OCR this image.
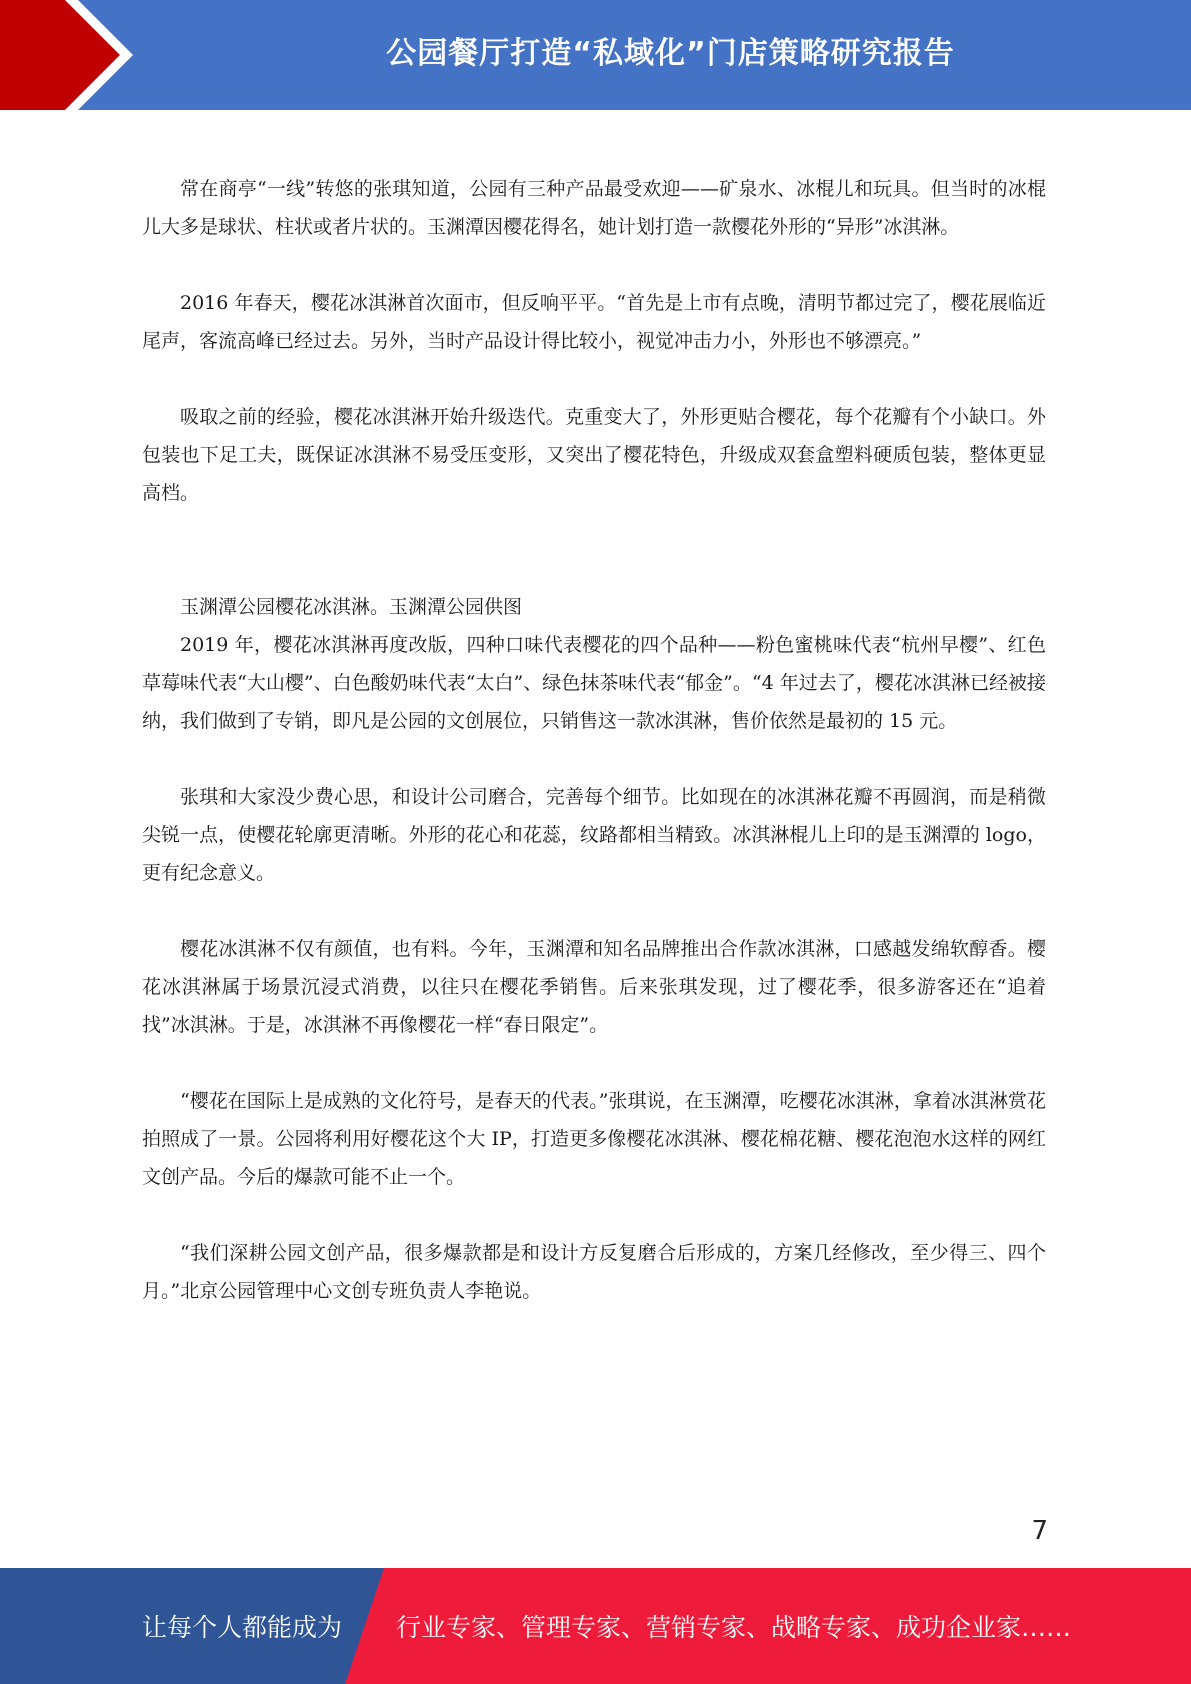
公园餐厅打造“私域化”门店策略研究报告

常在商亭“一线”转悠的张琪知道，公园有三种产品最受欢迎——矿泉水、冰棍儿和玩具。但当时的冰棍儿大多是球状、柱状或者片状的。玉渊潭因樱花得名，她计划打造一款樱花外形的“异形”冰淇淋。

2016 年春天，樱花冰淇淋首次面市，但反响平平。“首先是上市有点晚，清明节都过完了，樱花展临近尾声，客流高峰已经过去。另外，当时产品设计得比较小，视觉冲击力小，外形也不够漂亮。”

吸取之前的经验，樱花冰淇淋开始升级迭代。克重变大了，外形更贴合樱花，每个花瓣有个小缺口。外包装也下足工夫，既保证冰淇淋不易受压变形，又突出了樱花特色，升级成双套盒塑料硬质包装，整体更显高档。

玉渊潭公园樱花冰淇淋。玉渊潭公园供图

2019 年，樱花冰淇淋再度改版，四种口味代表樱花的四个品种——粉色蜜桃味代表“杭州早樱”、红色草莓味代表“大山樱”、白色酸奶味代表“太白”、绿色抹茶味代表“郁金”。“4 年过去了，樱花冰淇淋已经被接纳，我们做到了专销，即凡是公园的文创展位，只销售这一款冰淇淋，售价依然是最初的 15 元。

张琪和大家没少费心思，和设计公司磨合，完善每个细节。比如现在的冰淇淋花瓣不再圆润，而是稍微尖锐一点，使樱花轮廓更清晰。外形的花心和花蕊，纹路都相当精致。冰淇淋棍儿上印的是玉渊潭的 logo，更有纪念意义。

樱花冰淇淋不仅有颜值，也有料。今年，玉渊潭和知名品牌推出合作款冰淇淋，口感越发绵软醇香。樱花冰淇淋属于场景沉浸式消费，以往只在樱花季销售。后来张琪发现，过了樱花季，很多游客还在“追着找”冰淇淋。于是，冰淇淋不再像樱花一样“春日限定”。

“樱花在国际上是成熟的文化符号，是春天的代表。”张琪说，在玉渊潭，吃樱花冰淇淋，拿着冰淇淋赏花拍照成了一景。公园将利用好樱花这个大 IP，打造更多像樱花冰淇淋、樱花棉花糖、樱花泡泡水这样的网红文创产品。今后的爆款可能不止一个。

“我们深耕公园文创产品，很多爆款都是和设计方反复磨合后形成的，方案几经修改，至少得三、四个月。”北京公园管理中心文创专班负责人李艳说。

7
让每个人都能成为 行业专家、管理专家、营销专家、战略专家、成功企业家……
